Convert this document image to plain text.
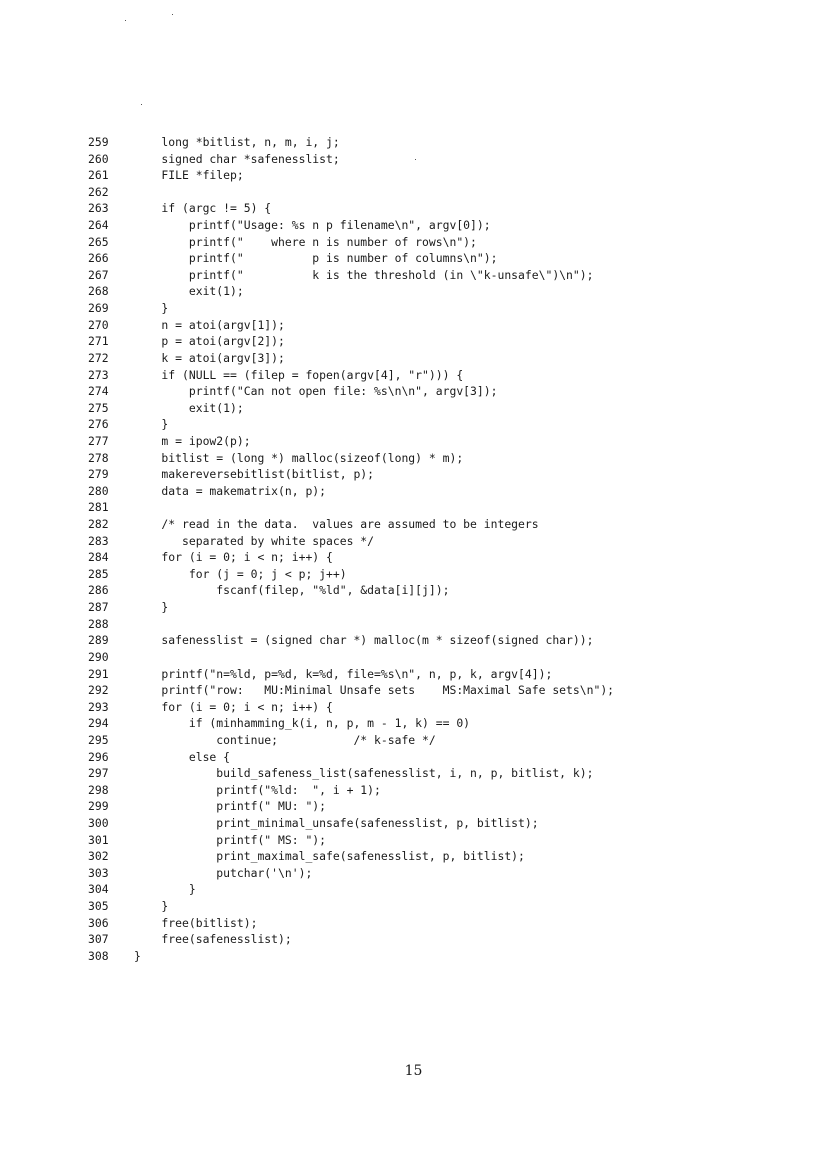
259	long *bitlist, n, m, i, j;
260	signed char *safenesslist;
261	FILE *filep;
262
263	if (argc != 5) {
264	printf("Usage: %s n p filename\n", argv[0]);
265	printf("    where n is number of rows\n");
266	printf("          p is number of columns\n");
267	printf("          k is the threshold (in \"k-unsafe\")\n");
268	exit(1);
269	}
270	n = atoi(argv[1]);
271	p = atoi(argv[2]);
272	k = atoi(argv[3]);
273	if (NULL == (filep = fopen(argv[4], "r"))) {
274	printf("Can not open file: %s\n\n", argv[3]);
275	exit(1);
276	}
277	m = ipow2(p);
278	bitlist = (long *) malloc(sizeof(long) * m);
279	makereversebitlist(bitlist, p);
280	data = makematrix(n, p);
281
282	/* read in the data.  values are assumed to be integers
283	separated by white spaces */
284	for (i = 0; i < n; i++) {
285	for (j = 0; j < p; j++)
286	fscanf(filep, "%ld", &data[i][j]);
287	}
288
289	safenesslist = (signed char *) malloc(m * sizeof(signed char));
290
291	printf("n=%ld, p=%d, k=%d, file=%s\n", n, p, k, argv[4]);
292	printf("row:   MU:Minimal Unsafe sets    MS:Maximal Safe sets\n");
293	for (i = 0; i < n; i++) {
294	if (minhamming_k(i, n, p, m - 1, k) == 0)
295	continue;           /* k-safe */
296	else {
297	build_safeness_list(safenesslist, i, n, p, bitlist, k);
298	printf("%ld:  ", i + 1);
299	printf(" MU: ");
300	print_minimal_unsafe(safenesslist, p, bitlist);
301	printf(" MS: ");
302	print_maximal_safe(safenesslist, p, bitlist);
303	putchar('\n');
304	}
305	}
306	free(bitlist);
307	free(safenesslist);
308	}
15
